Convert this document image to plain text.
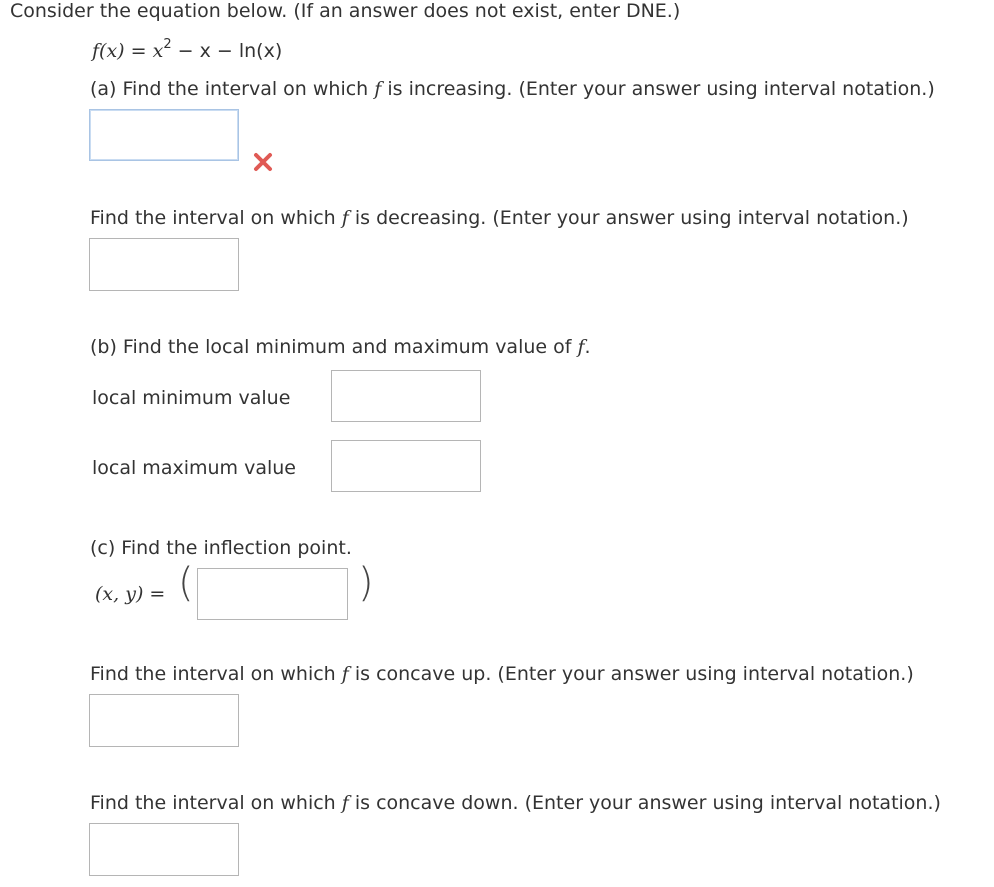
Consider the equation below. (If an answer does not exist, enter DNE.)
$f(x) = x^2 - x - \ln(x)$
(a) Find the interval on which f is increasing. (Enter your answer using interval notation.)
Find the interval on which f is decreasing. (Enter your answer using interval notation.)
(b) Find the local minimum and maximum value of f.
local minimum value
local maximum value
(c) Find the inflection point.
(x, y) = (	)
Find the interval on which f is concave up. (Enter your answer using interval notation.)
Find the interval on which f is concave down. (Enter your answer using interval notation.)
